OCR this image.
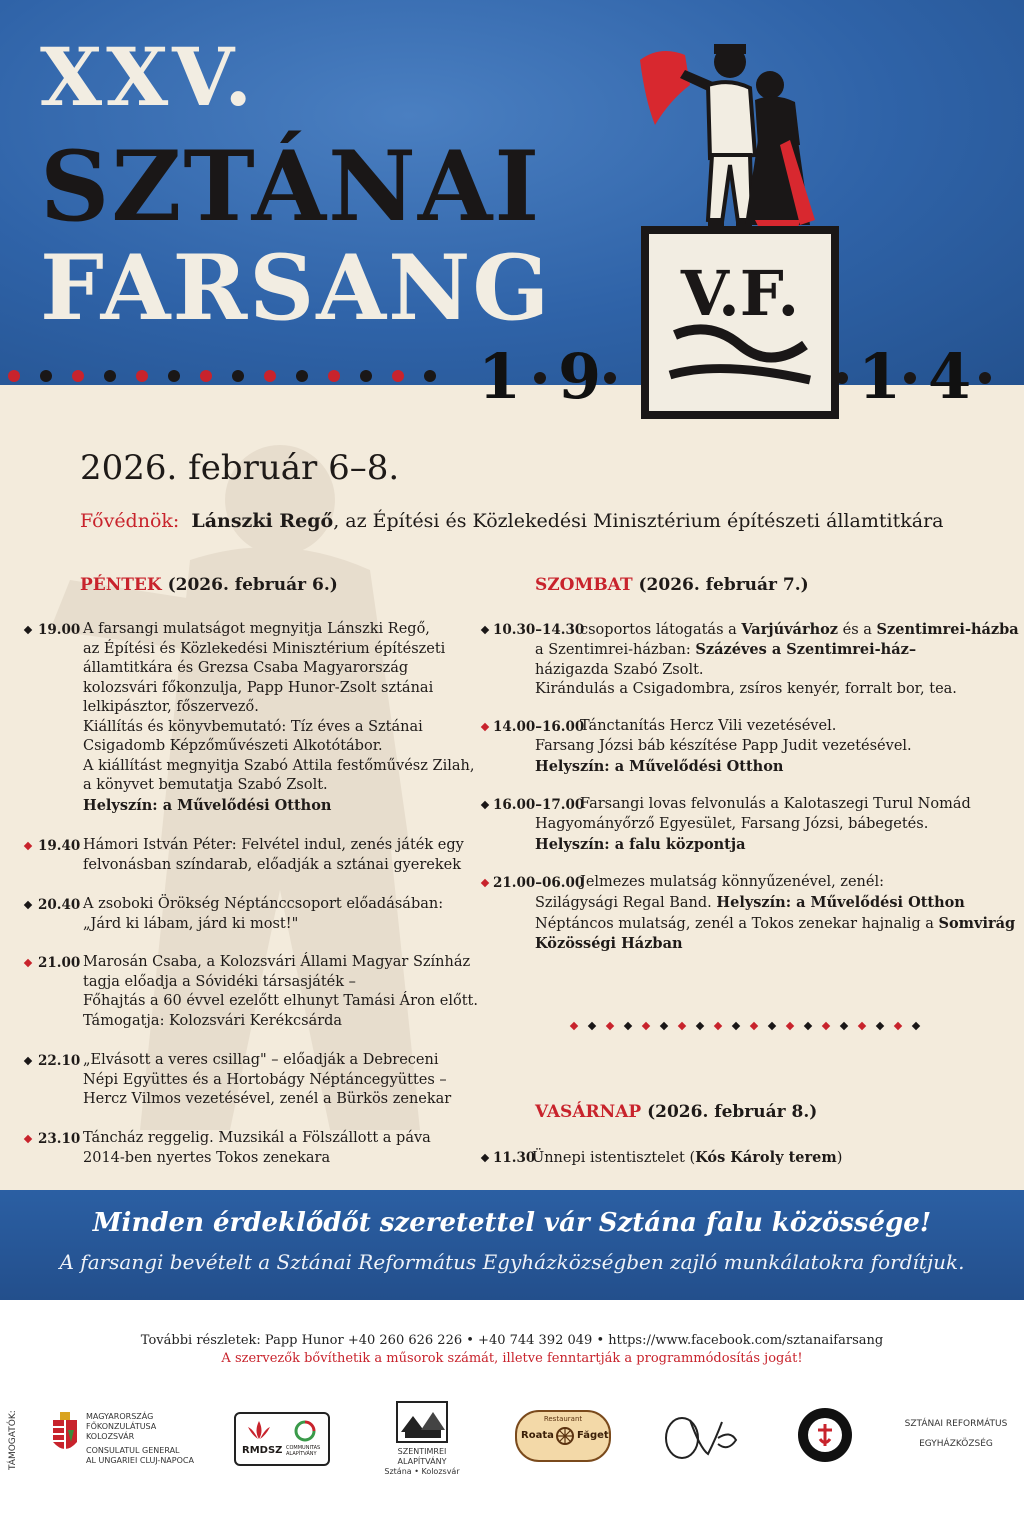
XXV.
SZTÁNAI
FARSANG V.F.
1 9	1 4
2026. február 6–8.
Fővédnök: Lánszki Regő, az Építési és Közlekedési Minisztérium építészeti államtitkára
PÉNTEK (2026. február 6.)
19.00 A farsangi mulatságot megnyitja Lánszki Regő,
az Építési és Közlekedési Minisztérium építészeti
államtitkára és Grezsa Csaba Magyarország
kolozsvári főkonzulja, Papp Hunor-Zsolt sztánai
lelkipásztor, főszervező.
Kiállítás és könyvbemutató: Tíz éves a Sztánai
Csigadomb Képzőművészeti Alkotótábor.
A kiállítást megnyitja Szabó Attila festőművész Zilah,
a könyvet bemutatja Szabó Zsolt.
Helyszín: a Művelődési Otthon
19.40 Hámori István Péter: Felvétel indul, zenés játék egy
felvonásban színdarab, előadják a sztánai gyerekek
20.40 A zsoboki Örökség Néptánccsoport előadásában:
„Járd ki lábam, járd ki most!"
21.00 Marosán Csaba, a Kolozsvári Állami Magyar Színház
tagja előadja a Sóvidéki társasjáték –
Főhajtás a 60 évvel ezelőtt elhunyt Tamási Áron előtt.
Támogatja: Kolozsvári Kerékcsárda
22.10 „Elvásott a veres csillag" – előadják a Debreceni
Népi Együttes és a Hortobágy Néptáncegyüttes –
Hercz Vilmos vezetésével, zenél a Bürkös zenekar
23.10 Táncház reggelig. Muzsikál a Fölszállott a páva
2014-ben nyertes Tokos zenekara
SZOMBAT (2026. február 7.)
10.30–14.30
csoportos látogatás a Varjúvárhoz és a Szentimrei-házba
a Szentimrei-házban: Százéves a Szentimrei-ház–
házigazda Szabó Zsolt.
Kirándulás a Csigadombra, zsíros kenyér, forralt bor, tea.
14.00–16.00
Tánctanítás Hercz Vili vezetésével.
Farsang Józsi báb készítése Papp Judit vezetésével.
Helyszín: a Művelődési Otthon
16.00–17.00
Farsangi lovas felvonulás a Kalotaszegi Turul Nomád
Hagyományőrző Egyesület, Farsang Józsi, bábegetés.
Helyszín: a falu központja
21.00–06.00
Jelmezes mulatság könnyűzenével, zenél:
Szilágysági Regal Band. Helyszín: a Művelődési Otthon
Néptáncos mulatság, zenél a Tokos zenekar hajnalig a Somvirág
Közösségi Házban
VASÁRNAP (2026. február 8.)
11.30
Ünnepi istentisztelet (Kós Károly terem)
Minden érdeklődőt szeretettel vár Sztána falu közössége!
A farsangi bevételt a Sztánai Református Egyházközségben zajló munkálatokra fordítjuk.
További részletek: Papp Hunor +40 260 626 226 • +40 744 392 049 • https://www.facebook.com/sztanaifarsang
A szervezők bővíthetik a műsorok számát, illetve fenntartják a programmódosítás jogát!
TÁMOGATÓK:	MAGYARORSZÁG
FŐKONZULÁTUSA
KOLOZSVÁR
CONSULATUL GENERAL
AL UNGARIEI CLUJ-NAPOCA
RMDSZ COMMUNITAS ALAPÍTVÁNY	SZENTIMREI ALAPÍTVÁNY
Sztána • Kolozsvár
Restaurant
Roata Făget
SZTÁNAI REFORMÁTUS
EGYHÁZKÖZSÉG
